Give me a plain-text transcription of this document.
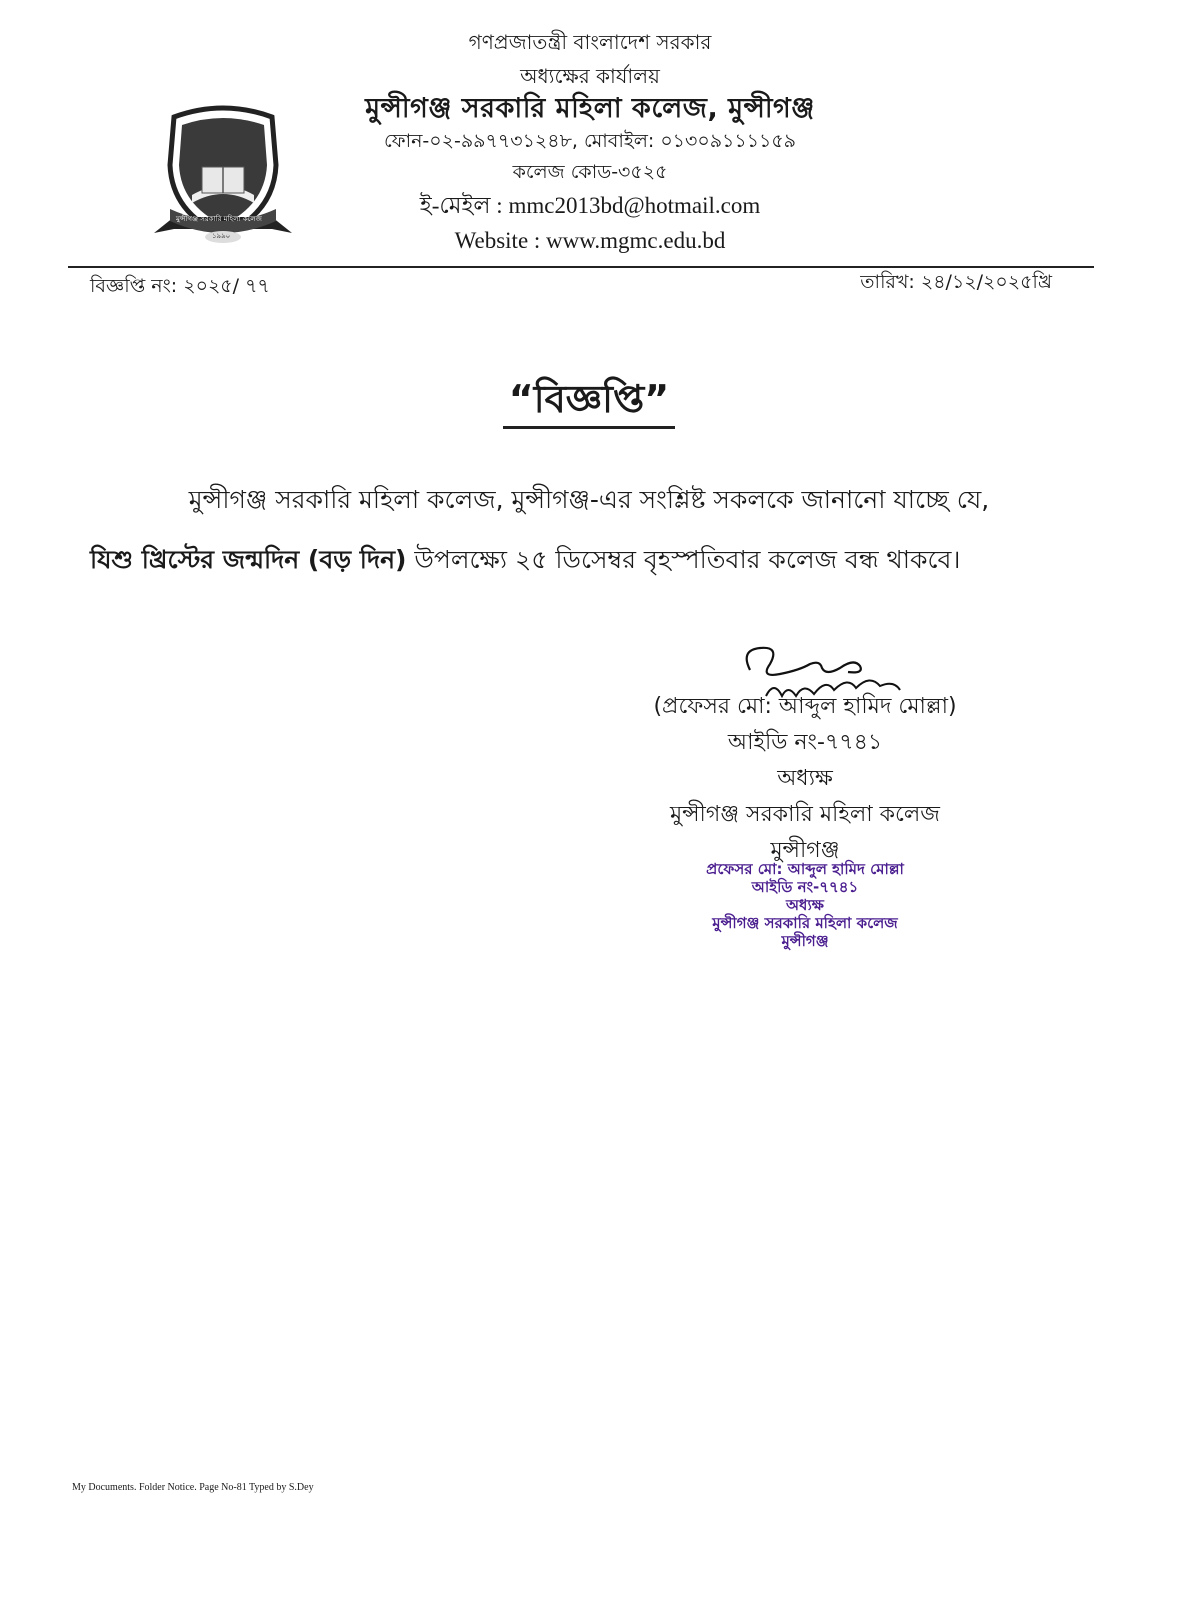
১৯৯০
মুন্সীগঞ্জ সরকারি মহিলা কলেজ
গণপ্রজাতন্ত্রী বাংলাদেশ সরকার
অধ্যক্ষের কার্যালয়
মুন্সীগঞ্জ সরকারি মহিলা কলেজ, মুন্সীগঞ্জ
ফোন-০২-৯৯৭৭৩১২৪৮, মোবাইল: ০১৩০৯১১১১৫৯
কলেজ কোড-৩৫২৫
ই-মেইল : mmc2013bd@hotmail.com
Website : www.mgmc.edu.bd
বিজ্ঞপ্তি নং: ২০২৫/ ৭৭	তারিখ: ২৪/১২/২০২৫খ্রি
“বিজ্ঞপ্তি”
মুন্সীগঞ্জ সরকারি মহিলা কলেজ, মুন্সীগঞ্জ-এর সংশ্লিষ্ট সকলকে জানানো যাচ্ছে যে,
যিশু খ্রিস্টের জন্মদিন (বড় দিন) উপলক্ষ্যে ২৫ ডিসেম্বর বৃহস্পতিবার কলেজ বন্ধ থাকবে।
(প্রফেসর মো: আব্দুল হামিদ মোল্লা)
আইডি নং-৭৭৪১
অধ্যক্ষ
মুন্সীগঞ্জ সরকারি মহিলা কলেজ
মুন্সীগঞ্জ
প্রফেসর মো: আব্দুল হামিদ মোল্লা
আইডি নং-৭৭৪১
অধ্যক্ষ
মুন্সীগঞ্জ সরকারি মহিলা কলেজ
মুন্সীগঞ্জ
My Documents. Folder Notice. Page No-81 Typed by S.Dey
